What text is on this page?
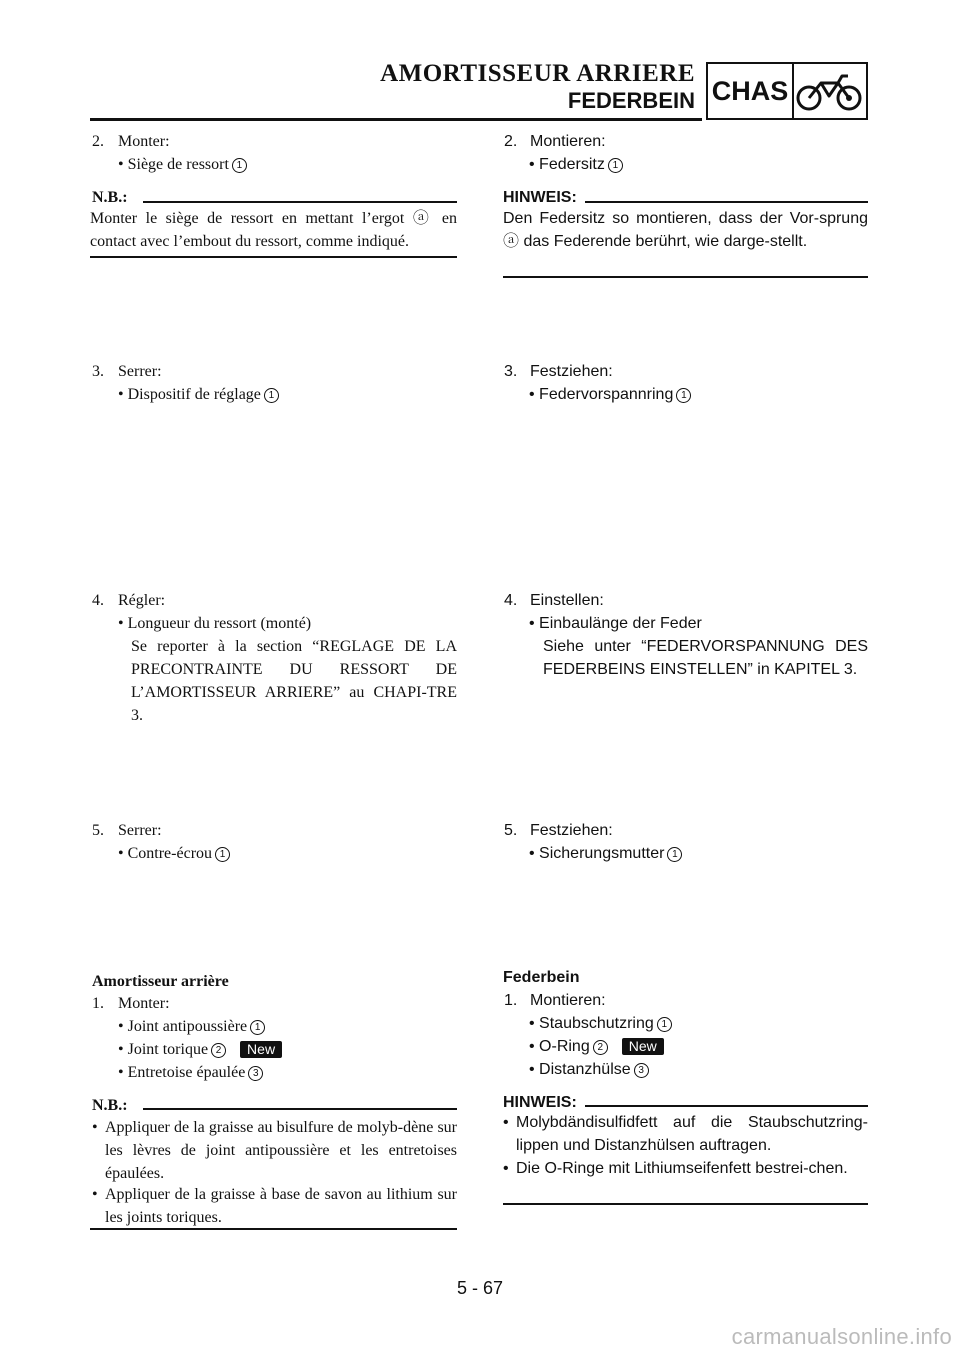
AMORTISSEUR ARRIERE
FEDERBEIN CHAS
2. Monter:
• Siège de ressort 1
N.B.:
Monter le siège de ressort en mettant l’ergot ⓐ en contact avec l’embout du ressort, comme indiqué.
3. Serrer:
• Dispositif de réglage 1
4. Régler:
• Longueur du ressort (monté)
Se reporter à la section “REGLAGE DE LA PRECONTRAINTE DU RESSORT DE L’AMORTISSEUR ARRIERE” au CHAPI-TRE 3.
5. Serrer:
• Contre-écrou 1
Amortisseur arrière
1. Monter:
• Joint antipoussière 1
• Joint torique 2 New
• Entretoise épaulée 3
N.B.:
• Appliquer de la graisse au bisulfure de molyb-dène sur les lèvres de joint antipoussière et les entretoises épaulées.
• Appliquer de la graisse à base de savon au lithium sur les joints toriques.
2. Montieren:
• Federsitz 1
HINWEIS:
Den Federsitz so montieren, dass der Vor-sprung ⓐ das Federende berührt, wie darge-stellt.
3. Festziehen:
• Federvorspannring 1
4. Einstellen:
• Einbaulänge der Feder
Siehe unter “FEDERVORSPANNUNG DES FEDERBEINS EINSTELLEN” in KAPITEL 3.
5. Festziehen:
• Sicherungsmutter 1
Federbein
1. Montieren:
• Staubschutzring 1
• O-Ring 2 New
• Distanzhülse 3
HINWEIS:
• Molybdändisulfidfett auf die Staubschutzring-lippen und Distanzhülsen auftragen.
• Die O-Ringe mit Lithiumseifenfett bestrei-chen.
5 - 67
carmanualsonline.info
